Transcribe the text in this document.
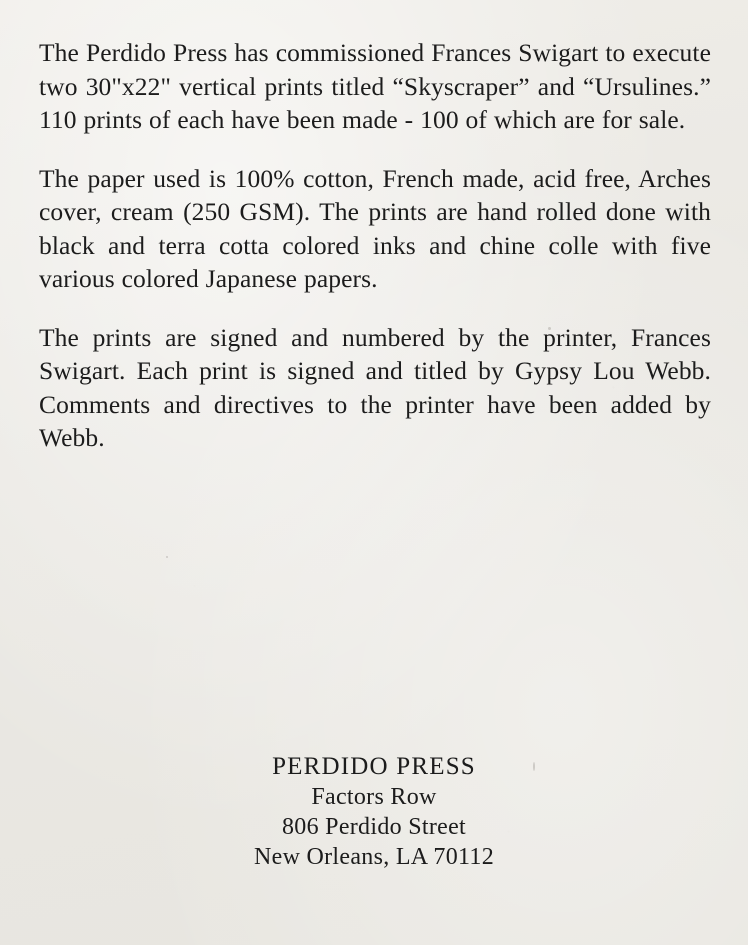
The Perdido Press has commissioned Frances Swigart to execute two 30"x22" vertical prints titled “Skyscraper” and “Ursulines.” 110 prints of each have been made - 100 of which are for sale.

The paper used is 100% cotton, French made, acid free, Arches cover, cream (250 GSM). The prints are hand rolled done with black and terra cotta colored inks and chine colle with five various colored Japanese papers.

The prints are signed and numbered by the printer, Frances Swigart. Each print is signed and titled by Gypsy Lou Webb. Comments and directives to the printer have been added by Webb.

PERDIDO PRESS
Factors Row
806 Perdido Street
New Orleans, LA 70112
